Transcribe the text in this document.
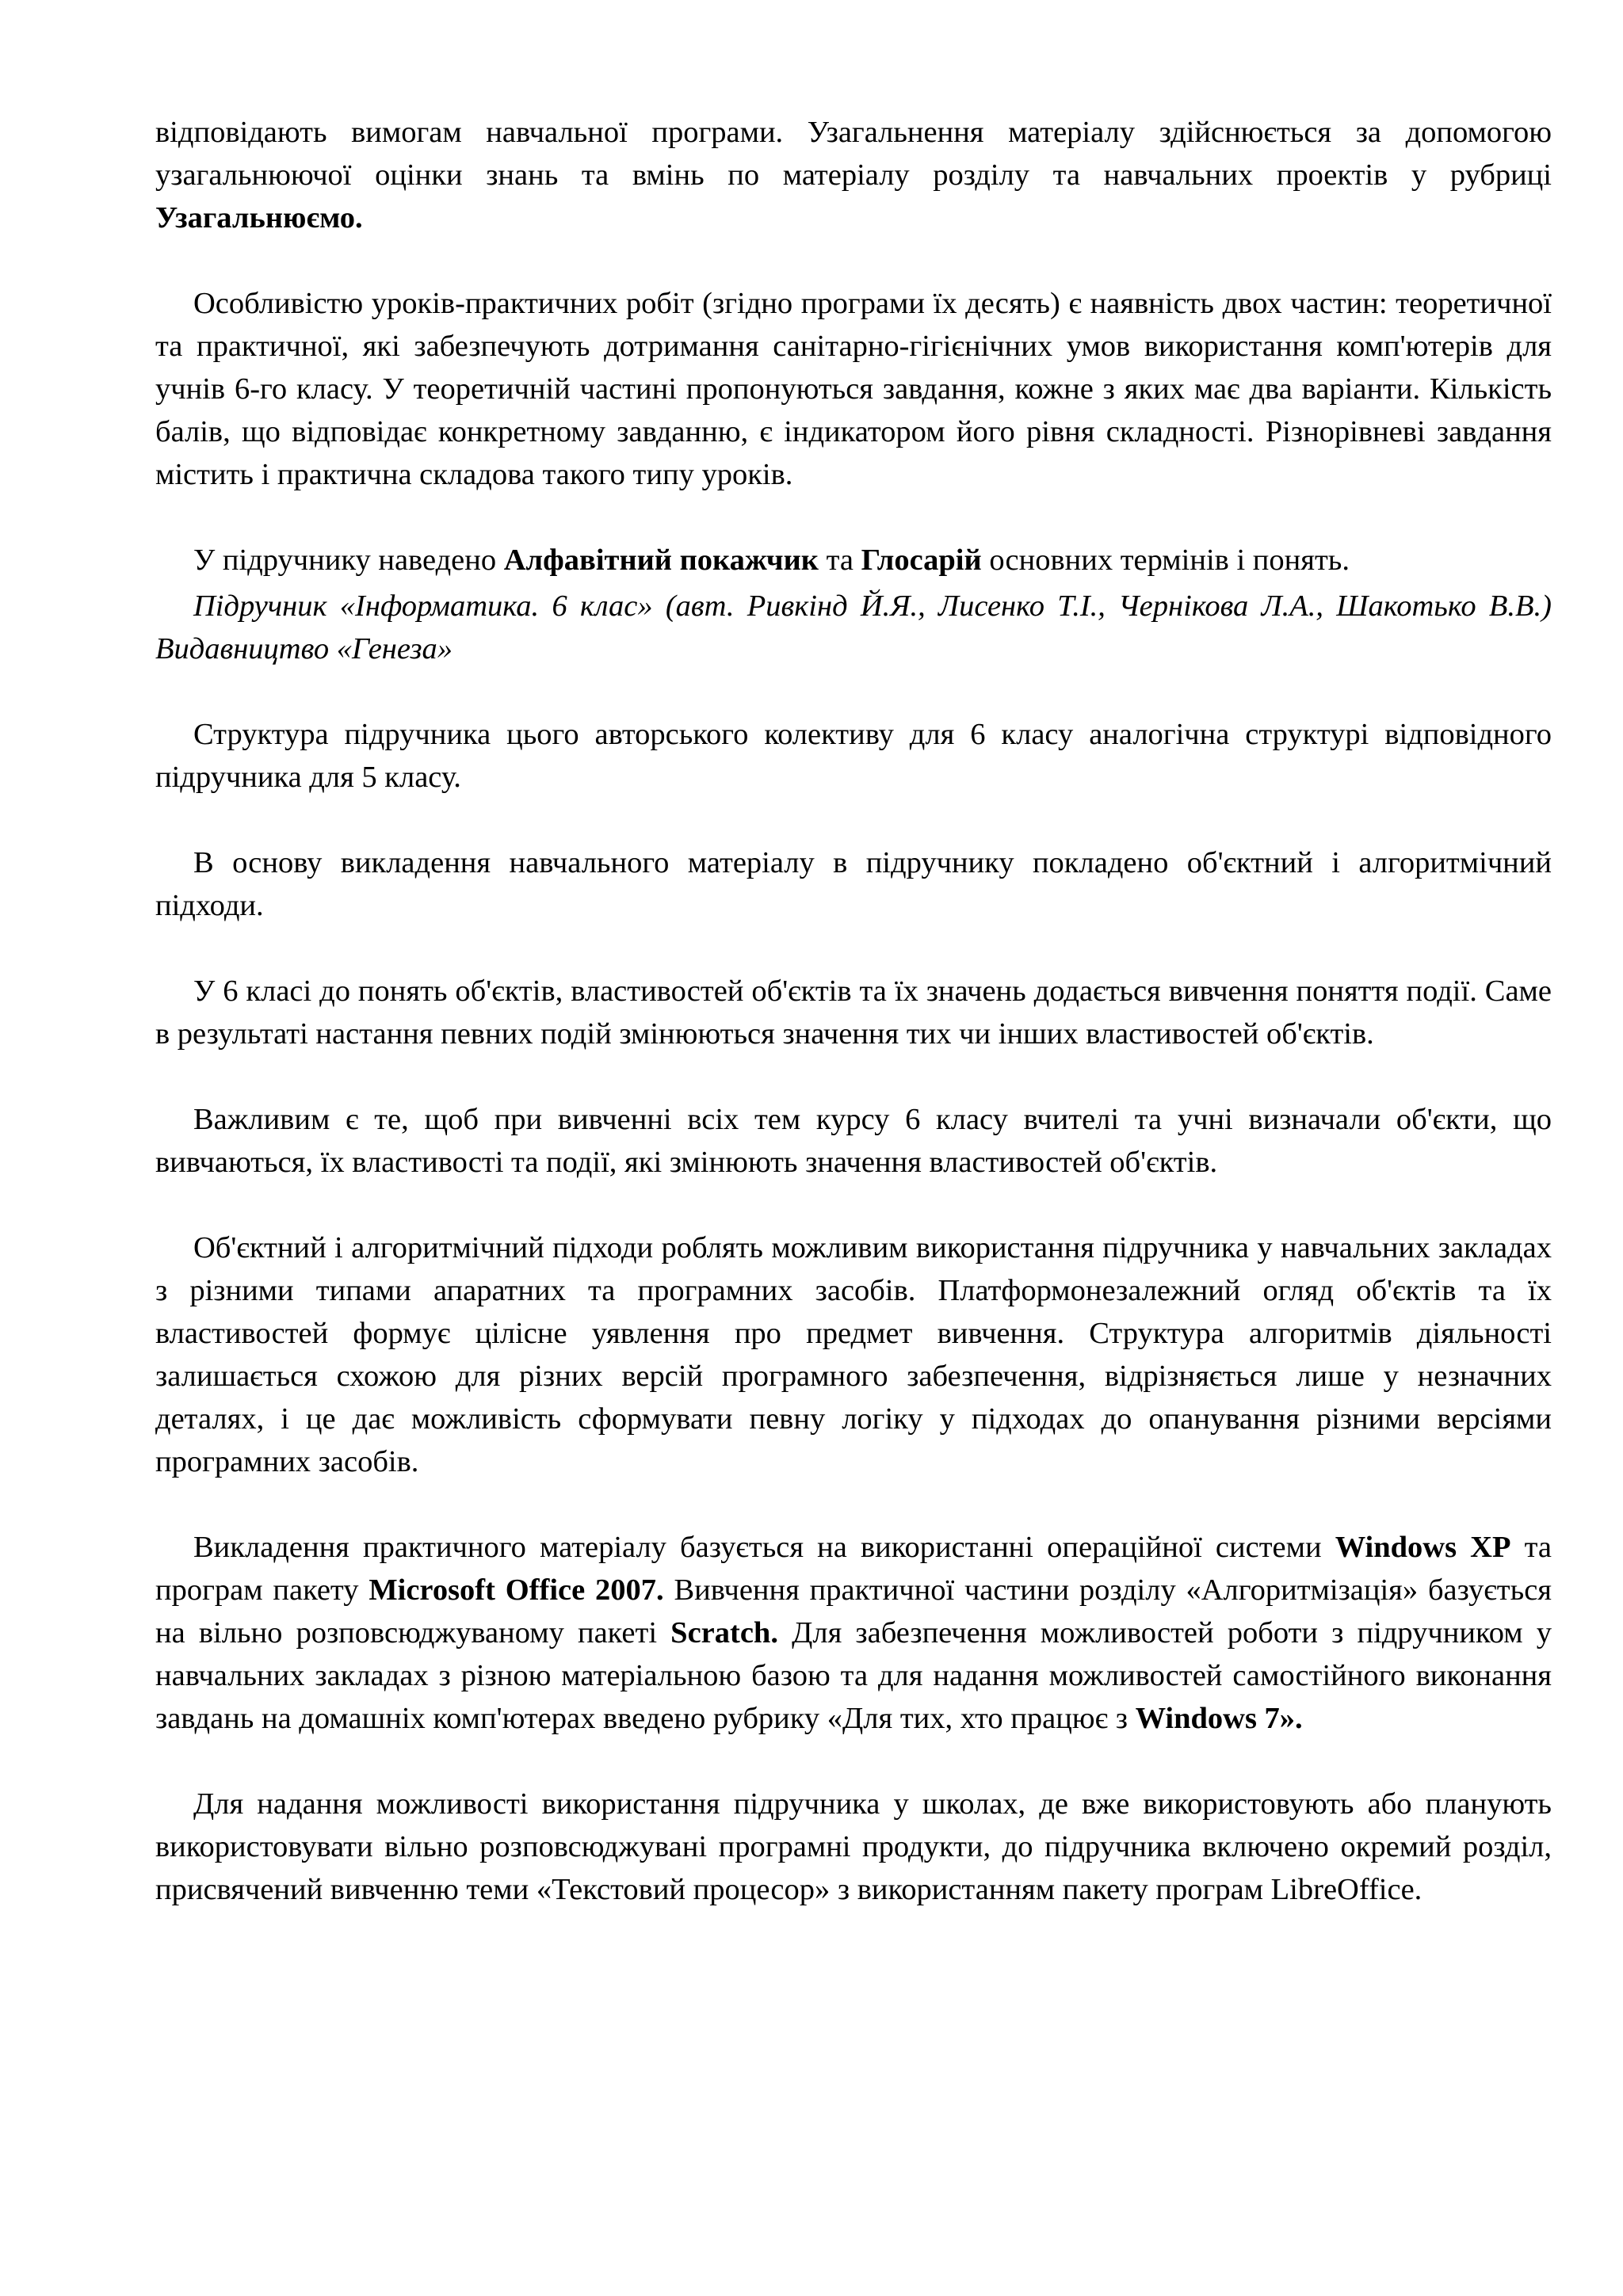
відповідають вимогам навчальної програми. Узагальнення матеріалу здійснюється за допомогою узагальнюючої оцінки знань та вмінь по матеріалу розділу та навчальних проектів у рубриці Узагальнюємо.

Особливістю уроків-практичних робіт (згідно програми їх десять) є наявність двох частин: теоретичної та практичної, які забезпечують дотримання санітарно-гігієнічних умов використання комп'ютерів для учнів 6-го класу. У теоретичній частині пропонуються завдання, кожне з яких має два варіанти. Кількість балів, що відповідає конкретному завданню, є індикатором його рівня складності. Різнорівневі завдання містить і практична складова такого типу уроків.

У підручнику наведено Алфавітний покажчик та Глосарій основних термінів і понять.

Підручник «Інформатика. 6 клас» (авт. Ривкінд Й.Я., Лисенко Т.І., Чернікова Л.А., Шакотько В.В.) Видавництво «Генеза»

Структура підручника цього авторського колективу для 6 класу аналогічна структурі відповідного підручника для 5 класу.

В основу викладення навчального матеріалу в підручнику покладено об'єктний і алгоритмічний підходи.

У 6 класі до понять об'єктів, властивостей об'єктів та їх значень додається вивчення поняття події. Саме в результаті настання певних подій змінюються значення тих чи інших властивостей об'єктів.

Важливим є те, щоб при вивченні всіх тем курсу 6 класу вчителі та учні визначали об'єкти, що вивчаються, їх властивості та події, які змінюють значення властивостей об'єктів.

Об'єктний і алгоритмічний підходи роблять можливим використання підручника у навчальних закладах з різними типами апаратних та програмних засобів. Платформонезалежний огляд об'єктів та їх властивостей формує цілісне уявлення про предмет вивчення. Структура алгоритмів діяльності залишається схожою для різних версій програмного забезпечення, відрізняється лише у незначних деталях, і це дає можливість сформувати певну логіку у підходах до опанування різними версіями програмних засобів.

Викладення практичного матеріалу базується на використанні операційної системи Windows XP та програм пакету Microsoft Office 2007. Вивчення практичної частини розділу «Алгоритмізація» базується на вільно розповсюджуваному пакеті Scratch. Для забезпечення можливостей роботи з підручником у навчальних закладах з різною матеріальною базою та для надання можливостей самостійного виконання завдань на домашніх комп'ютерах введено рубрику «Для тих, хто працює з Windows 7».

Для надання можливості використання підручника у школах, де вже використовують або планують використовувати вільно розповсюджувані програмні продукти, до підручника включено окремий розділ, присвячений вивченню теми «Текстовий процесор» з використанням пакету програм LibreOffice.
